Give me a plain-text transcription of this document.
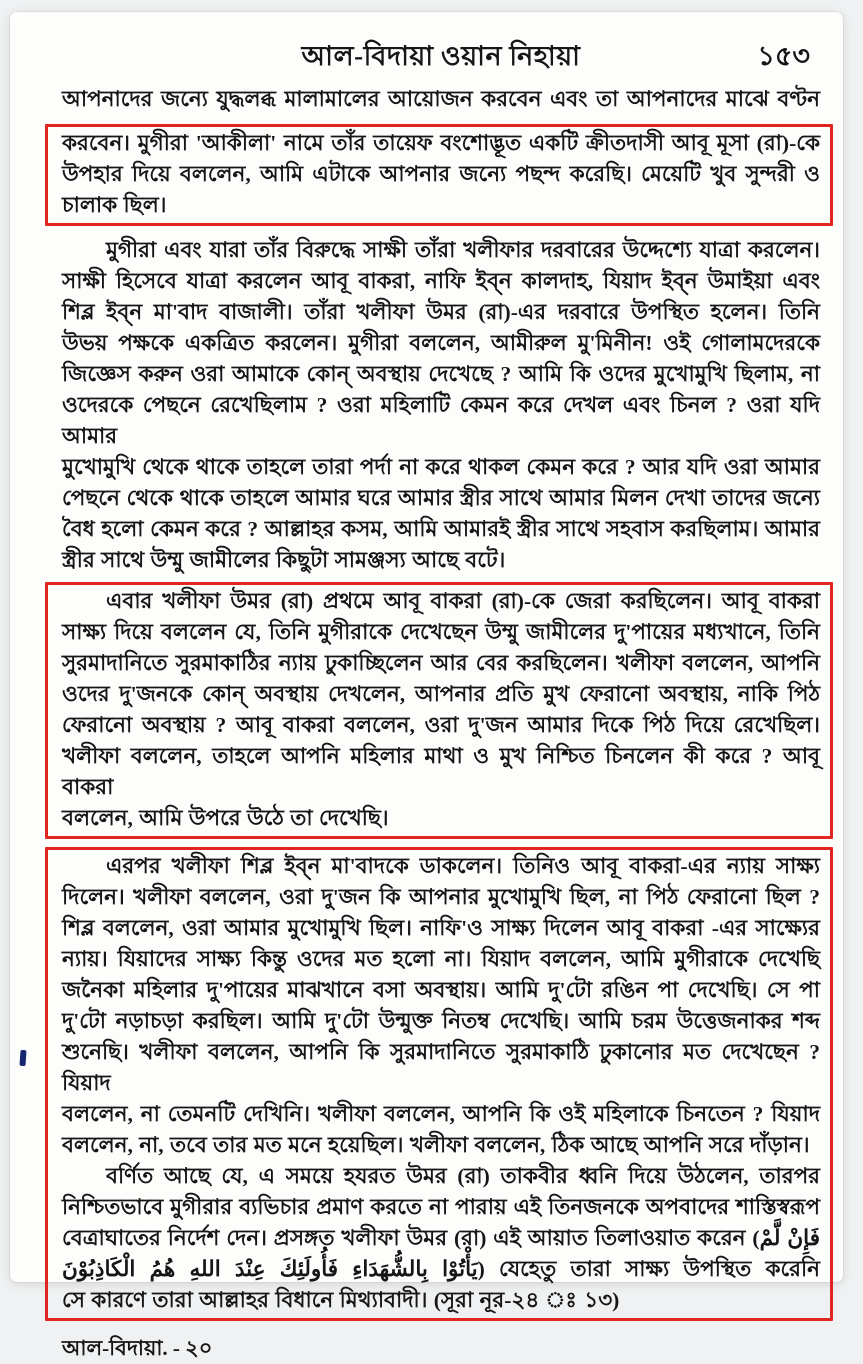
আল-বিদায়া ওয়ান নিহায়া	১৫৩
আপনাদের জন্যে যুদ্ধলব্ধ মালামালের আয়োজন করবেন এবং তা আপনাদের মাঝে বণ্টন
করবেন। মুগীরা 'আকীলা' নামে তাঁর তায়েফ বংশোদ্ভূত একটি ক্রীতদাসী আবূ মূসা (রা)-কে
উপহার দিয়ে বললেন, আমি এটাকে আপনার জন্যে পছন্দ করেছি। মেয়েটি খুব সুন্দরী ও
চালাক ছিল।
মুগীরা এবং যারা তাঁর বিরুদ্ধে সাক্ষী তাঁরা খলীফার দরবারের উদ্দেশ্যে যাত্রা করলেন।
সাক্ষী হিসেবে যাত্রা করলেন আবূ বাকরা, নাফি ইব্ন কালদাহ, যিয়াদ ইব্ন উমাইয়া এবং
শিব্ল ইব্ন মা'বাদ বাজালী। তাঁরা খলীফা উমর (রা)-এর দরবারে উপস্থিত হলেন। তিনি
উভয় পক্ষকে একত্রিত করলেন। মুগীরা বললেন, আমীরুল মু'মিনীন! ওই গোলামদেরকে
জিজ্ঞেস করুন ওরা আমাকে কোন্ অবস্থায় দেখেছে ? আমি কি ওদের মুখোমুখি ছিলাম, না
ওদেরকে পেছনে রেখেছিলাম ? ওরা মহিলাটি কেমন করে দেখল এবং চিনল ? ওরা যদি আমার
মুখোমুখি থেকে থাকে তাহলে তারা পর্দা না করে থাকল কেমন করে ? আর যদি ওরা আমার
পেছনে থেকে থাকে তাহলে আমার ঘরে আমার স্ত্রীর সাথে আমার মিলন দেখা তাদের জন্যে
বৈধ হলো কেমন করে ? আল্লাহর কসম, আমি আমারই স্ত্রীর সাথে সহবাস করছিলাম। আমার
স্ত্রীর সাথে উম্মু জামীলের কিছুটা সামঞ্জস্য আছে বটে।
এবার খলীফা উমর (রা) প্রথমে আবূ বাকরা (রা)-কে জেরা করছিলেন। আবূ বাকরা
সাক্ষ্য দিয়ে বললেন যে, তিনি মুগীরাকে দেখেছেন উম্মু জামীলের দু'পায়ের মধ্যখানে, তিনি
সুরমাদানিতে সুরমাকাঠির ন্যায় ঢুকাচ্ছিলেন আর বের করছিলেন। খলীফা বললেন, আপনি
ওদের দু'জনকে কোন্ অবস্থায় দেখলেন, আপনার প্রতি মুখ ফেরানো অবস্থায়, নাকি পিঠ
ফেরানো অবস্থায় ? আবূ বাকরা বললেন, ওরা দু'জন আমার দিকে পিঠ দিয়ে রেখেছিল।
খলীফা বললেন, তাহলে আপনি মহিলার মাথা ও মুখ নিশ্চিত চিনলেন কী করে ? আবূ বাকরা
বললেন, আমি উপরে উঠে তা দেখেছি।
এরপর খলীফা শিব্ল ইব্ন মা'বাদকে ডাকলেন। তিনিও আবূ বাকরা-এর ন্যায় সাক্ষ্য
দিলেন। খলীফা বললেন, ওরা দু'জন কি আপনার মুখোমুখি ছিল, না পিঠ ফেরানো ছিল ?
শিব্ল বললেন, ওরা আমার মুখোমুখি ছিল। নাফি'ও সাক্ষ্য দিলেন আবূ বাকরা -এর সাক্ষ্যের
ন্যায়। যিয়াদের সাক্ষ্য কিন্তু ওদের মত হলো না। যিয়াদ বললেন, আমি মুগীরাকে দেখেছি
জনৈকা মহিলার দু'পায়ের মাঝখানে বসা অবস্থায়। আমি দু'টো রঙিন পা দেখেছি। সে পা
দু'টো নড়াচড়া করছিল। আমি দু'টো উন্মুক্ত নিতম্ব দেখেছি। আমি চরম উত্তেজনাকর শব্দ
শুনেছি। খলীফা বললেন, আপনি কি সুরমাদানিতে সুরমাকাঠি ঢুকানোর মত দেখেছেন ? যিয়াদ
বললেন, না তেমনটি দেখিনি। খলীফা বললেন, আপনি কি ওই মহিলাকে চিনতেন ? যিয়াদ
বললেন, না, তবে তার মত মনে হয়েছিল। খলীফা বললেন, ঠিক আছে আপনি সরে দাঁড়ান।
বর্ণিত আছে যে, এ সময়ে হযরত উমর (রা) তাকবীর ধ্বনি দিয়ে উঠলেন, তারপর
নিশ্চিতভাবে মুগীরার ব্যভিচার প্রমাণ করতে না পারায় এই তিনজনকে অপবাদের শাস্তিস্বরূপ
বেত্রাঘাতের নির্দেশ দেন। প্রসঙ্গত খলীফা উমর (রা) এই আয়াত তিলাওয়াত করেন (فَإِنْ لَّمْ
يَأْتُوْا بِالشُّهَدَاءِ فَأُولَئِكَ عِنْدَ اللهِ هُمُ الْكَاذِبُوْنَ) যেহেতু তারা সাক্ষ্য উপস্থিত করেনি
সে কারণে তারা আল্লাহর বিধানে মিথ্যাবাদী। (সূরা নূর-২৪ ঃ ১৩)
আল-বিদায়া. - ২০
